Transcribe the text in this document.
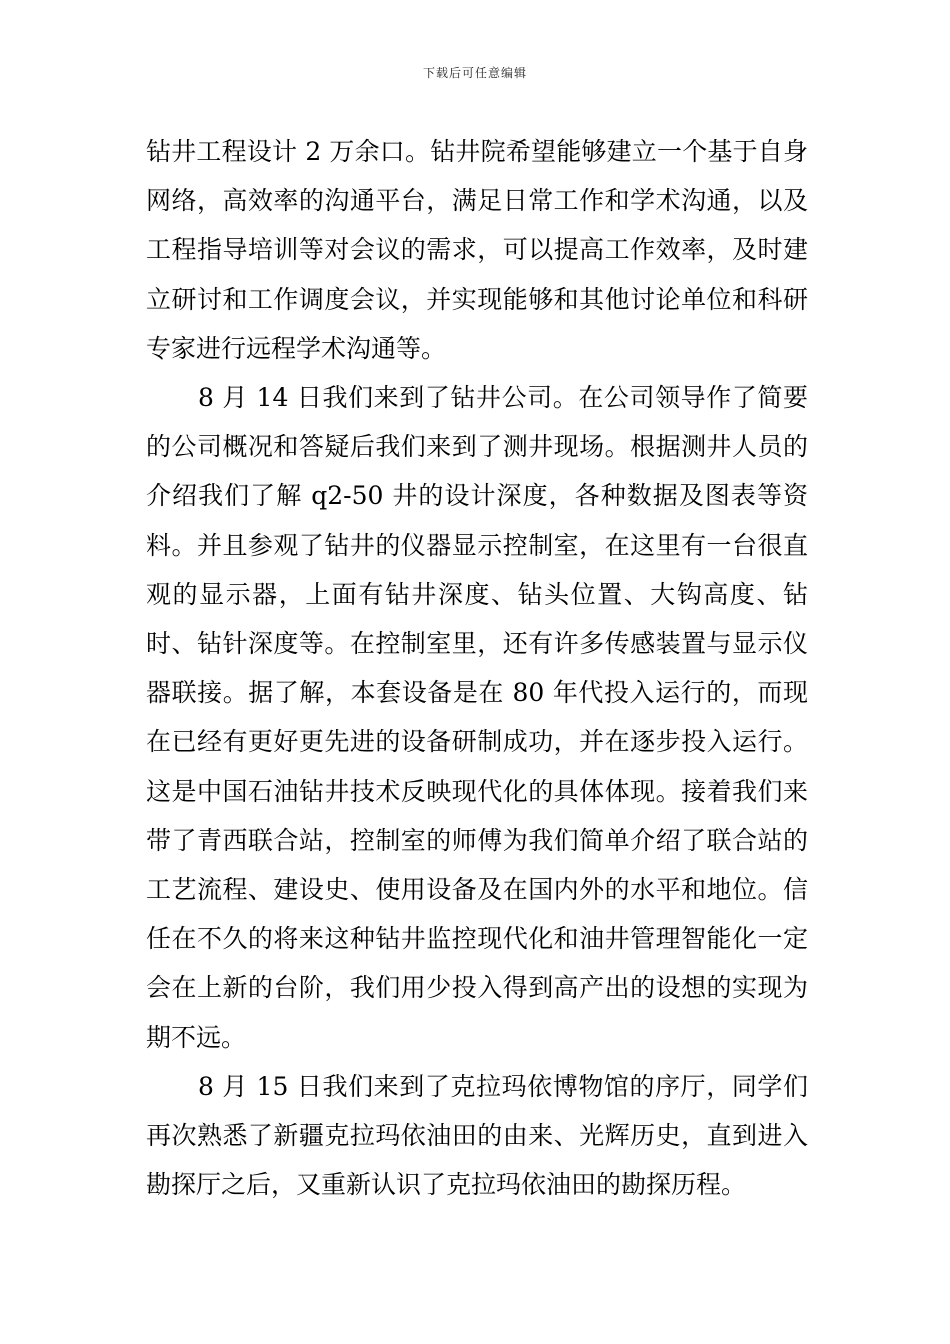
下载后可任意编辑

钻井工程设计 2 万余口。钻井院希望能够建立一个基于自身网络，高效率的沟通平台，满足日常工作和学术沟通，以及工程指导培训等对会议的需求，可以提高工作效率，及时建立研讨和工作调度会议，并实现能够和其他讨论单位和科研专家进行远程学术沟通等。

8 月 14 日我们来到了钻井公司。在公司领导作了简要的公司概况和答疑后我们来到了测井现场。根据测井人员的介绍我们了解 q2-50 井的设计深度，各种数据及图表等资料。并且参观了钻井的仪器显示控制室，在这里有一台很直观的显示器，上面有钻井深度、钻头位置、大钩高度、钻时、钻针深度等。在控制室里，还有许多传感装置与显示仪器联接。据了解，本套设备是在 80 年代投入运行的，而现在已经有更好更先进的设备研制成功，并在逐步投入运行。这是中国石油钻井技术反映现代化的具体体现。接着我们来带了青西联合站，控制室的师傅为我们简单介绍了联合站的工艺流程、建设史、使用设备及在国内外的水平和地位。信任在不久的将来这种钻井监控现代化和油井管理智能化一定会在上新的台阶，我们用少投入得到高产出的设想的实现为期不远。

8 月 15 日我们来到了克拉玛依博物馆的序厅，同学们再次熟悉了新疆克拉玛依油田的由来、光辉历史，直到进入勘探厅之后，又重新认识了克拉玛依油田的勘探历程。
